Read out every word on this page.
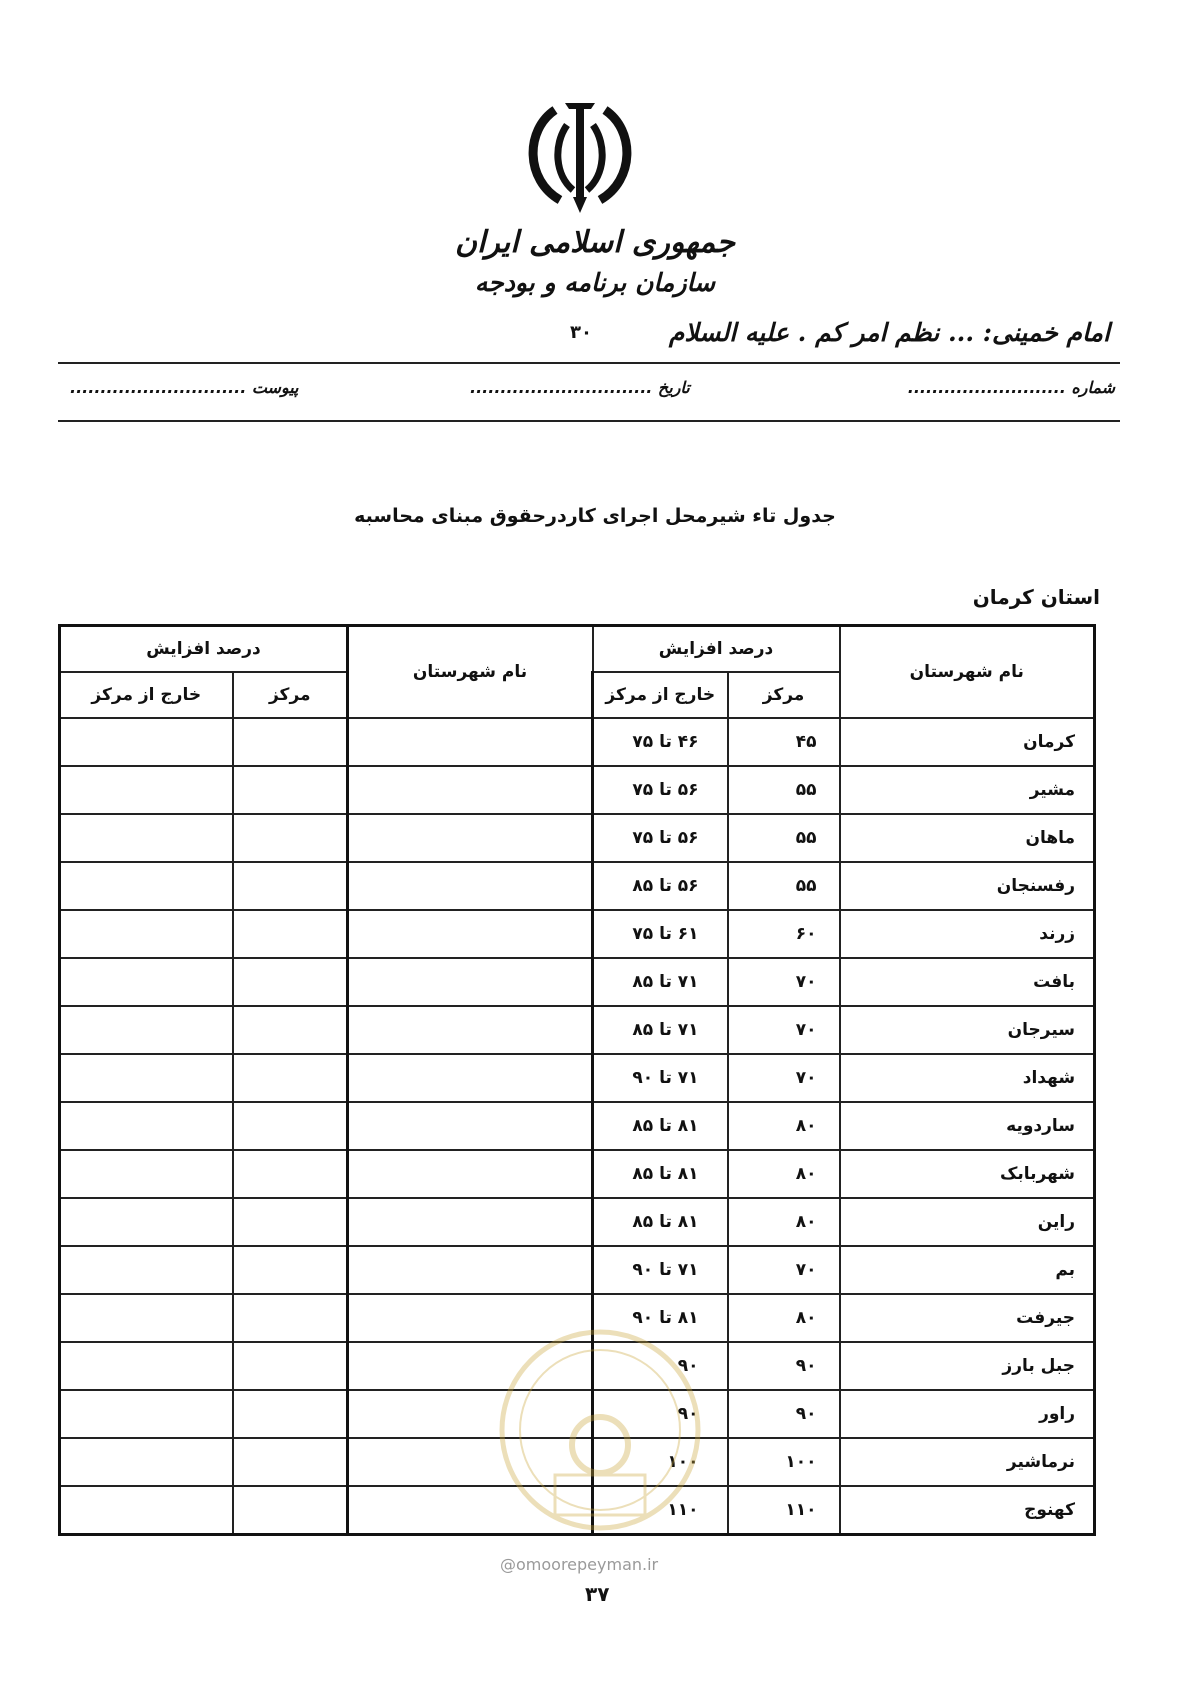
جمهوری اسلامی ایران
سازمان برنامه و بودجه
۳۰	امام خمینی: ... نظم امر کم . علیه السلام
شماره ..........................
تاریخ ..............................
پیوست .............................
جدول تاء شیرمحل اجرای کاردرحقوق مبنای محاسبه
استان کرمان
نام شهرستان	درصد افزایش		نام شهرستان	درصد افزایش	
	مرکز	خارج از مرکز		مرکز	خارج از مرکز
کرمان	۴۵	۴۶ تا ۷۵			
مشیر	۵۵	۵۶ تا ۷۵			
ماهان	۵۵	۵۶ تا ۷۵			
رفسنجان	۵۵	۵۶ تا ۸۵			
زرند	۶۰	۶۱ تا ۷۵			
بافت	۷۰	۷۱ تا ۸۵			
سیرجان	۷۰	۷۱ تا ۸۵			
شهداد	۷۰	۷۱ تا ۹۰			
ساردویه	۸۰	۸۱ تا ۸۵			
شهربابک	۸۰	۸۱ تا ۸۵			
راین	۸۰	۸۱ تا ۸۵			
بم	۷۰	۷۱ تا ۹۰			
جیرفت	۸۰	۸۱ تا ۹۰			
جبل بارز	۹۰	۹۰			
راور	۹۰	۹۰			
نرماشیر	۱۰۰	۱۰۰			
کهنوج	۱۱۰	۱۱۰			
@omoorepeyman.ir
۳۷
